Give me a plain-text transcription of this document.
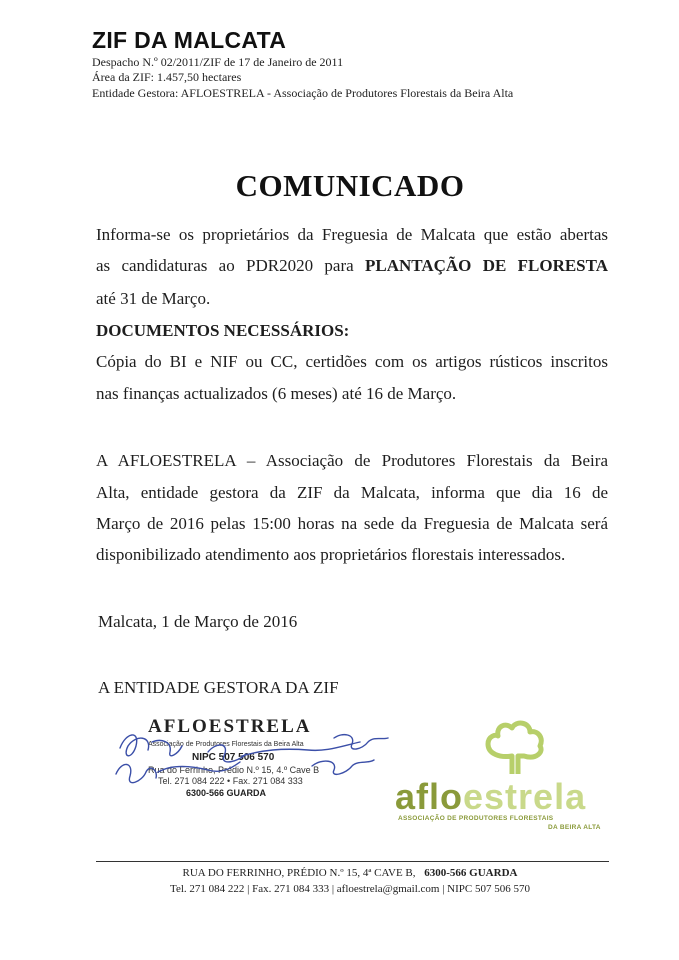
ZIF DA MALCATA
Despacho N.º 02/2011/ZIF de 17 de Janeiro de 2011
Área da ZIF: 1.457,50 hectares
Entidade Gestora: AFLOESTRELA - Associação de Produtores Florestais da Beira Alta
COMUNICADO
Informa-se os proprietários da Freguesia de Malcata que estão abertas
as candidaturas ao PDR2020 para PLANTAÇÃO DE FLORESTA
até 31 de Março.
DOCUMENTOS NECESSÁRIOS:
Cópia do BI e NIF ou CC, certidões com os artigos rústicos inscritos
nas finanças actualizados (6 meses) até 16 de Março.
A AFLOESTRELA – Associação de Produtores Florestais da Beira
Alta, entidade gestora da ZIF da Malcata, informa que dia 16 de
Março de 2016 pelas 15:00 horas na sede da Freguesia de Malcata será
disponibilizado atendimento aos proprietários florestais interessados.
Malcata, 1 de Março de 2016
A ENTIDADE GESTORA DA ZIF
AFLOESTRELA
Associação de Produtores Florestais da Beira Alta
NIPC 507 506 570
Rua do Ferrinho, Prédio N.º 15, 4.º Cave B
Tel. 271 084 222 • Fax. 271 084 333
6300-566 GUARDA	afloestrela
ASSOCIAÇÃO DE PRODUTORES FLORESTAIS
DA BEIRA ALTA
RUA DO FERRINHO, PRÉDIO N.º 15, 4ª CAVE B, 6300-566 GUARDA
Tel. 271 084 222 | Fax. 271 084 333 | afloestrela@gmail.com | NIPC 507 506 570
